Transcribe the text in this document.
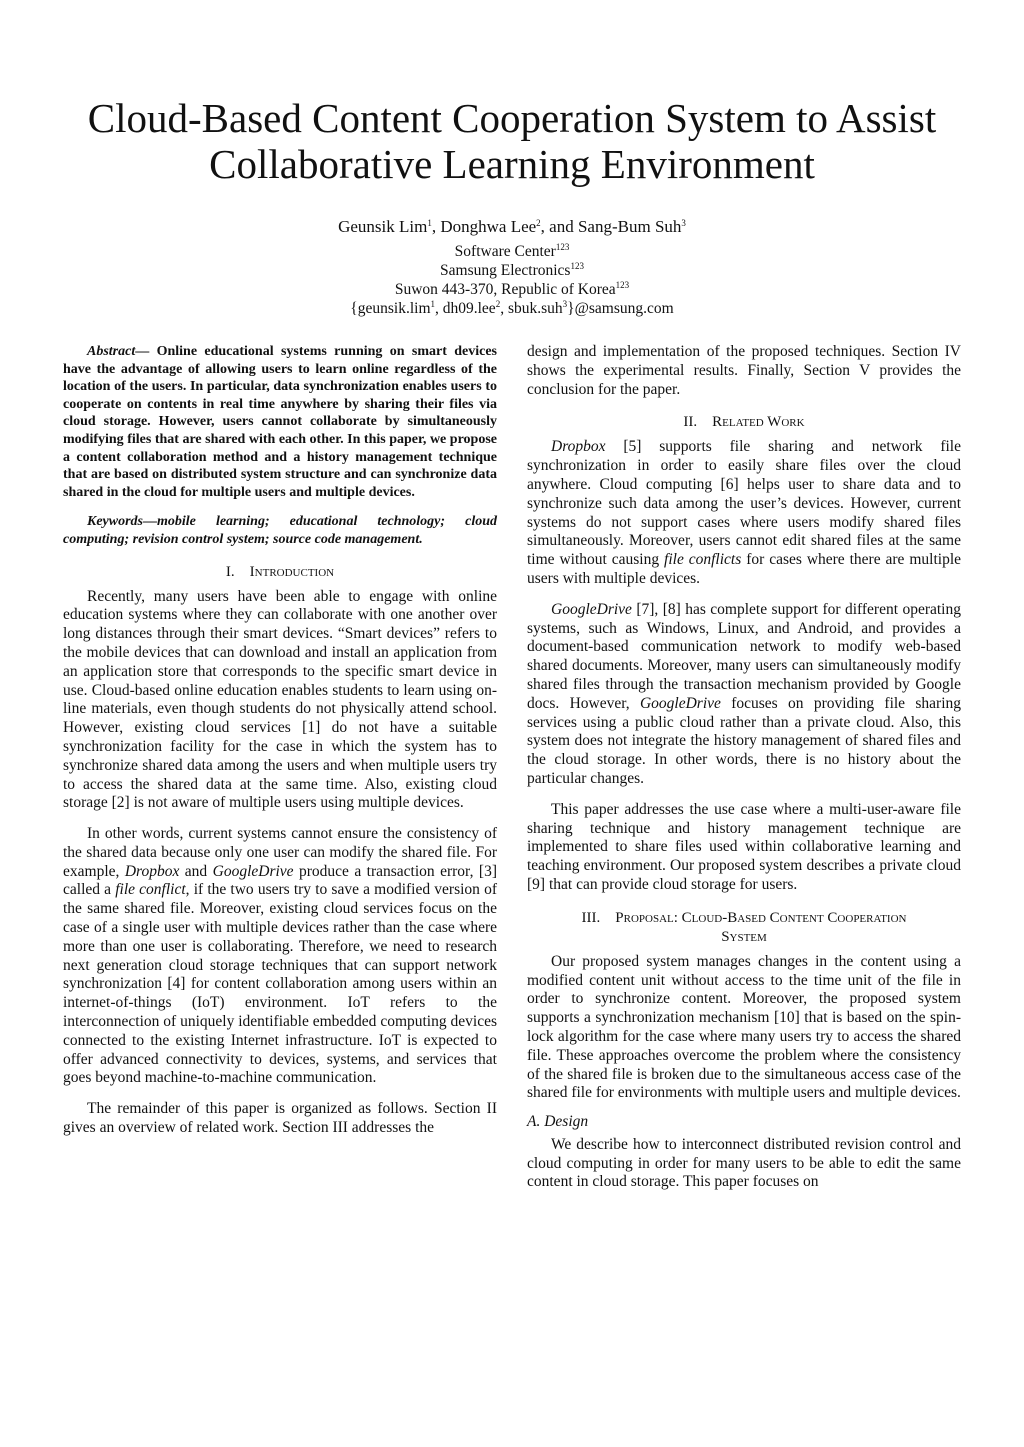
Cloud-Based Content Cooperation System to Assist
Collaborative Learning Environment
Geunsik Lim$^1$, Donghwa Lee$^2$, and Sang-Bum Suh$^3$
Software Center$^{123}$
Samsung Electronics$^{123}$
Suwon 443-370, Republic of Korea$^{123}$
{$geunsik.\lim^1$, dh09.lee$^2$, sbuk.suh$^3$}@samsung.com

Abstract— Online educational systems running on smart devices have the advantage of allowing users to learn online regardless of the location of the users. In particular, data synchronization enables users to cooperate on contents in real time anywhere by sharing their files via cloud storage. However, users cannot collaborate by simultaneously modifying files that are shared with each other. In this paper, we propose a content collaboration method and a history management technique that are based on distributed system structure and can synchronize data shared in the cloud for multiple users and multiple devices.

Keywords—mobile learning; educational technology; cloud computing; revision control system; source code management.

I. Introduction

Recently, many users have been able to engage with online education systems where they can collaborate with one another over long distances through their smart devices. “Smart devices” refers to the mobile devices that can download and install an application from an application store that corresponds to the specific smart device in use. Cloud-based online education enables students to learn using on-line materials, even though students do not physically attend school. However, existing cloud services [1] do not have a suitable synchronization facility for the case in which the system has to synchronize shared data among the users and when multiple users try to access the shared data at the same time. Also, existing cloud storage [2] is not aware of multiple users using multiple devices.

In other words, current systems cannot ensure the consistency of the shared data because only one user can modify the shared file. For example, Dropbox and GoogleDrive produce a transaction error, [3] called a file conflict, if the two users try to save a modified version of the same shared file. Moreover, existing cloud services focus on the case of a single user with multiple devices rather than the case where more than one user is collaborating. Therefore, we need to research next generation cloud storage techniques that can support network synchronization [4] for content collaboration among users within an internet-of-things (IoT) environment. IoT refers to the interconnection of uniquely identifiable embedded computing devices connected to the existing Internet infrastructure. IoT is expected to offer advanced connectivity to devices, systems, and services that goes beyond machine-to-machine communication.

The remainder of this paper is organized as follows. Section II gives an overview of related work. Section III addresses the

design and implementation of the proposed techniques. Section IV shows the experimental results. Finally, Section V provides the conclusion for the paper.

II. Related Work

Dropbox [5] supports file sharing and network file synchronization in order to easily share files over the cloud anywhere. Cloud computing [6] helps user to share data and to synchronize such data among the user’s devices. However, current systems do not support cases where users modify shared files simultaneously. Moreover, users cannot edit shared files at the same time without causing file conflicts for cases where there are multiple users with multiple devices.

GoogleDrive [7], [8] has complete support for different operating systems, such as Windows, Linux, and Android, and provides a document-based communication network to modify web-based shared documents. Moreover, many users can simultaneously modify shared files through the transaction mechanism provided by Google docs. However, GoogleDrive focuses on providing file sharing services using a public cloud rather than a private cloud. Also, this system does not integrate the history management of shared files and the cloud storage. In other words, there is no history about the particular changes.

This paper addresses the use case where a multi-user-aware file sharing technique and history management technique are implemented to share files used within collaborative learning and teaching environment. Our proposed system describes a private cloud [9] that can provide cloud storage for users.

III. Proposal: Cloud-Based Content Cooperation
System

Our proposed system manages changes in the content using a modified content unit without access to the time unit of the file in order to synchronize content. Moreover, the proposed system supports a synchronization mechanism [10] that is based on the spin-lock algorithm for the case where many users try to access the shared file. These approaches overcome the problem where the consistency of the shared file is broken due to the simultaneous access case of the shared file for environments with multiple users and multiple devices.

A. Design

We describe how to interconnect distributed revision control and cloud computing in order for many users to be able to edit the same content in cloud storage. This paper focuses on
